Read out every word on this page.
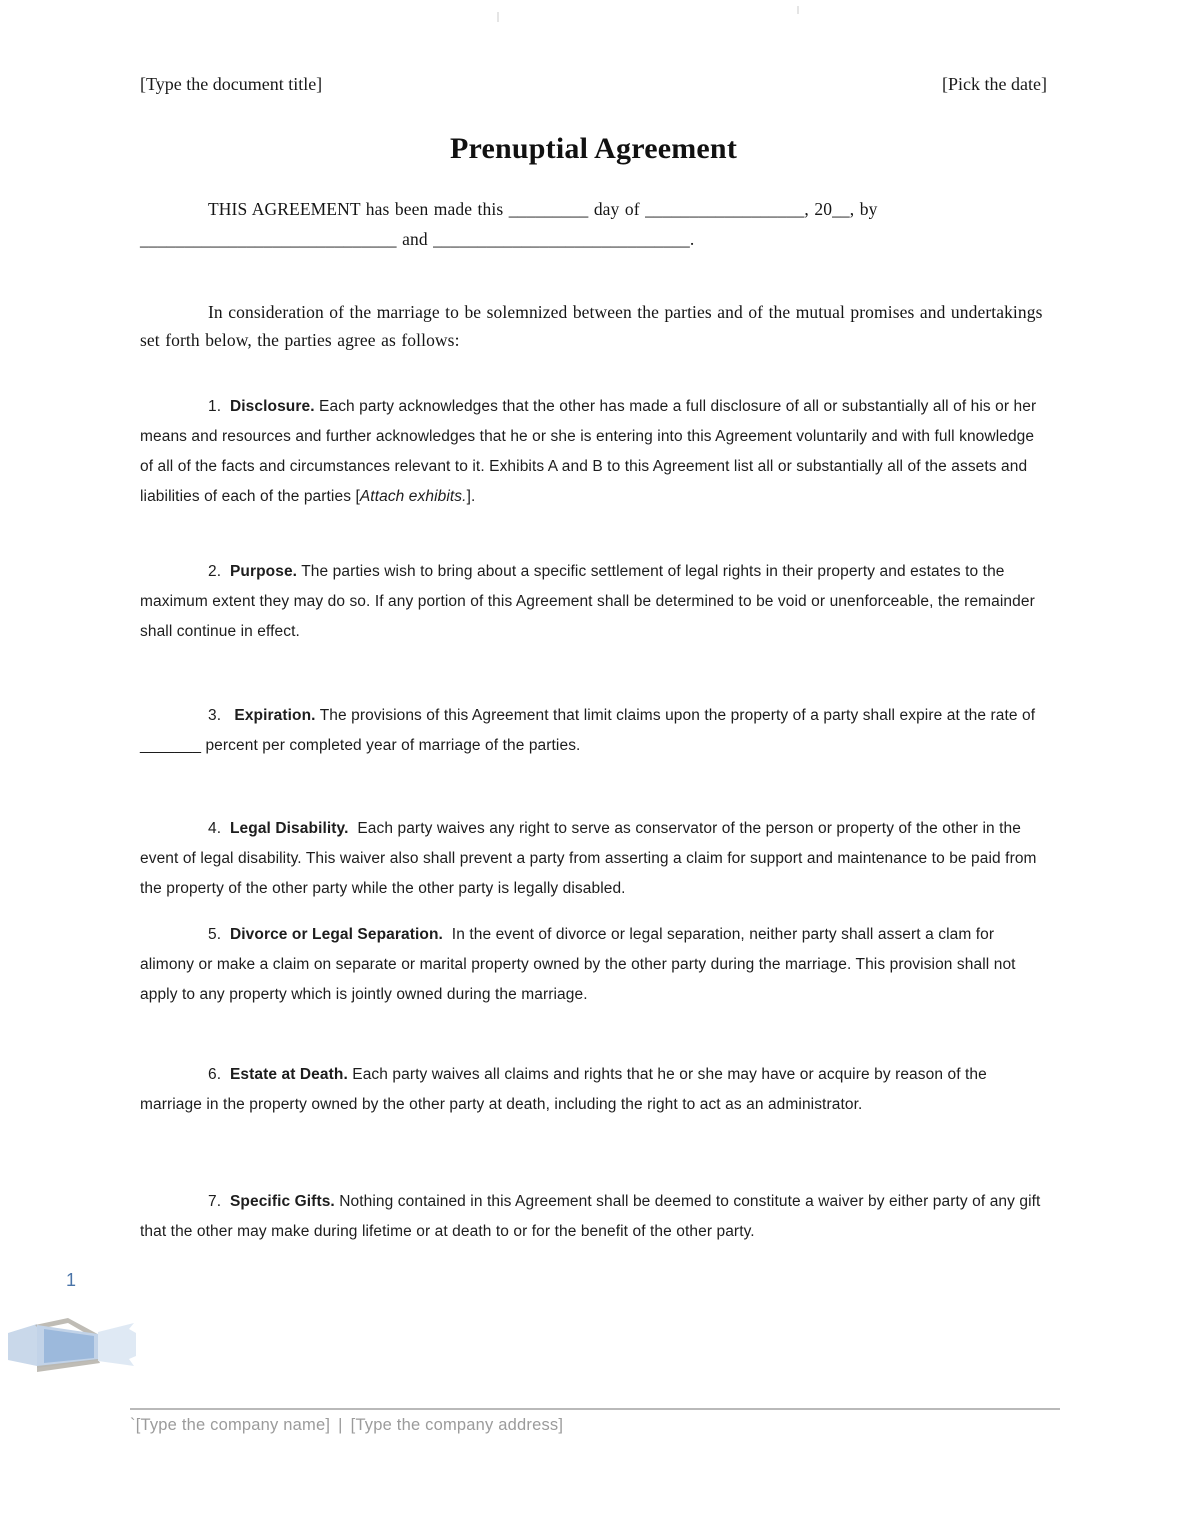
[Type the document title]	[Pick the date]
Prenuptial Agreement

THIS AGREEMENT has been made this _________ day of __________________, 20__, by _____________________________ and _____________________________.

In consideration of the marriage to be solemnized between the parties and of the mutual promises and undertakings set forth below, the parties agree as follows:

1. Disclosure. Each party acknowledges that the other has made a full disclosure of all or substantially all of his or her means and resources and further acknowledges that he or she is entering into this Agreement voluntarily and with full knowledge of all of the facts and circumstances relevant to it. Exhibits A and B to this Agreement list all or substantially all of the assets and liabilities of each of the parties [Attach exhibits.].

2. Purpose. The parties wish to bring about a specific settlement of legal rights in their property and estates to the maximum extent they may do so. If any portion of this Agreement shall be determined to be void or unenforceable, the remainder shall continue in effect.

3. Expiration. The provisions of this Agreement that limit claims upon the property of a party shall expire at the rate of _______ percent per completed year of marriage of the parties.

4. Legal Disability.  Each party waives any right to serve as conservator of the person or property of the other in the event of legal disability. This waiver also shall prevent a party from asserting a claim for support and maintenance to be paid from the property of the other party while the other party is legally disabled.

5. Divorce or Legal Separation.  In the event of divorce or legal separation, neither party shall assert a clam for alimony or make a claim on separate or marital property owned by the other party during the marriage. This provision shall not apply to any property which is jointly owned during the marriage.

6. Estate at Death. Each party waives all claims and rights that he or she may have or acquire by reason of the marriage in the property owned by the other party at death, including the right to act as an administrator.

7. Specific Gifts. Nothing contained in this Agreement shall be deemed to constitute a waiver by either party of any gift that the other may make during lifetime or at death to or for the benefit of the other party.

1
`[Type the company name] | [Type the company address]
